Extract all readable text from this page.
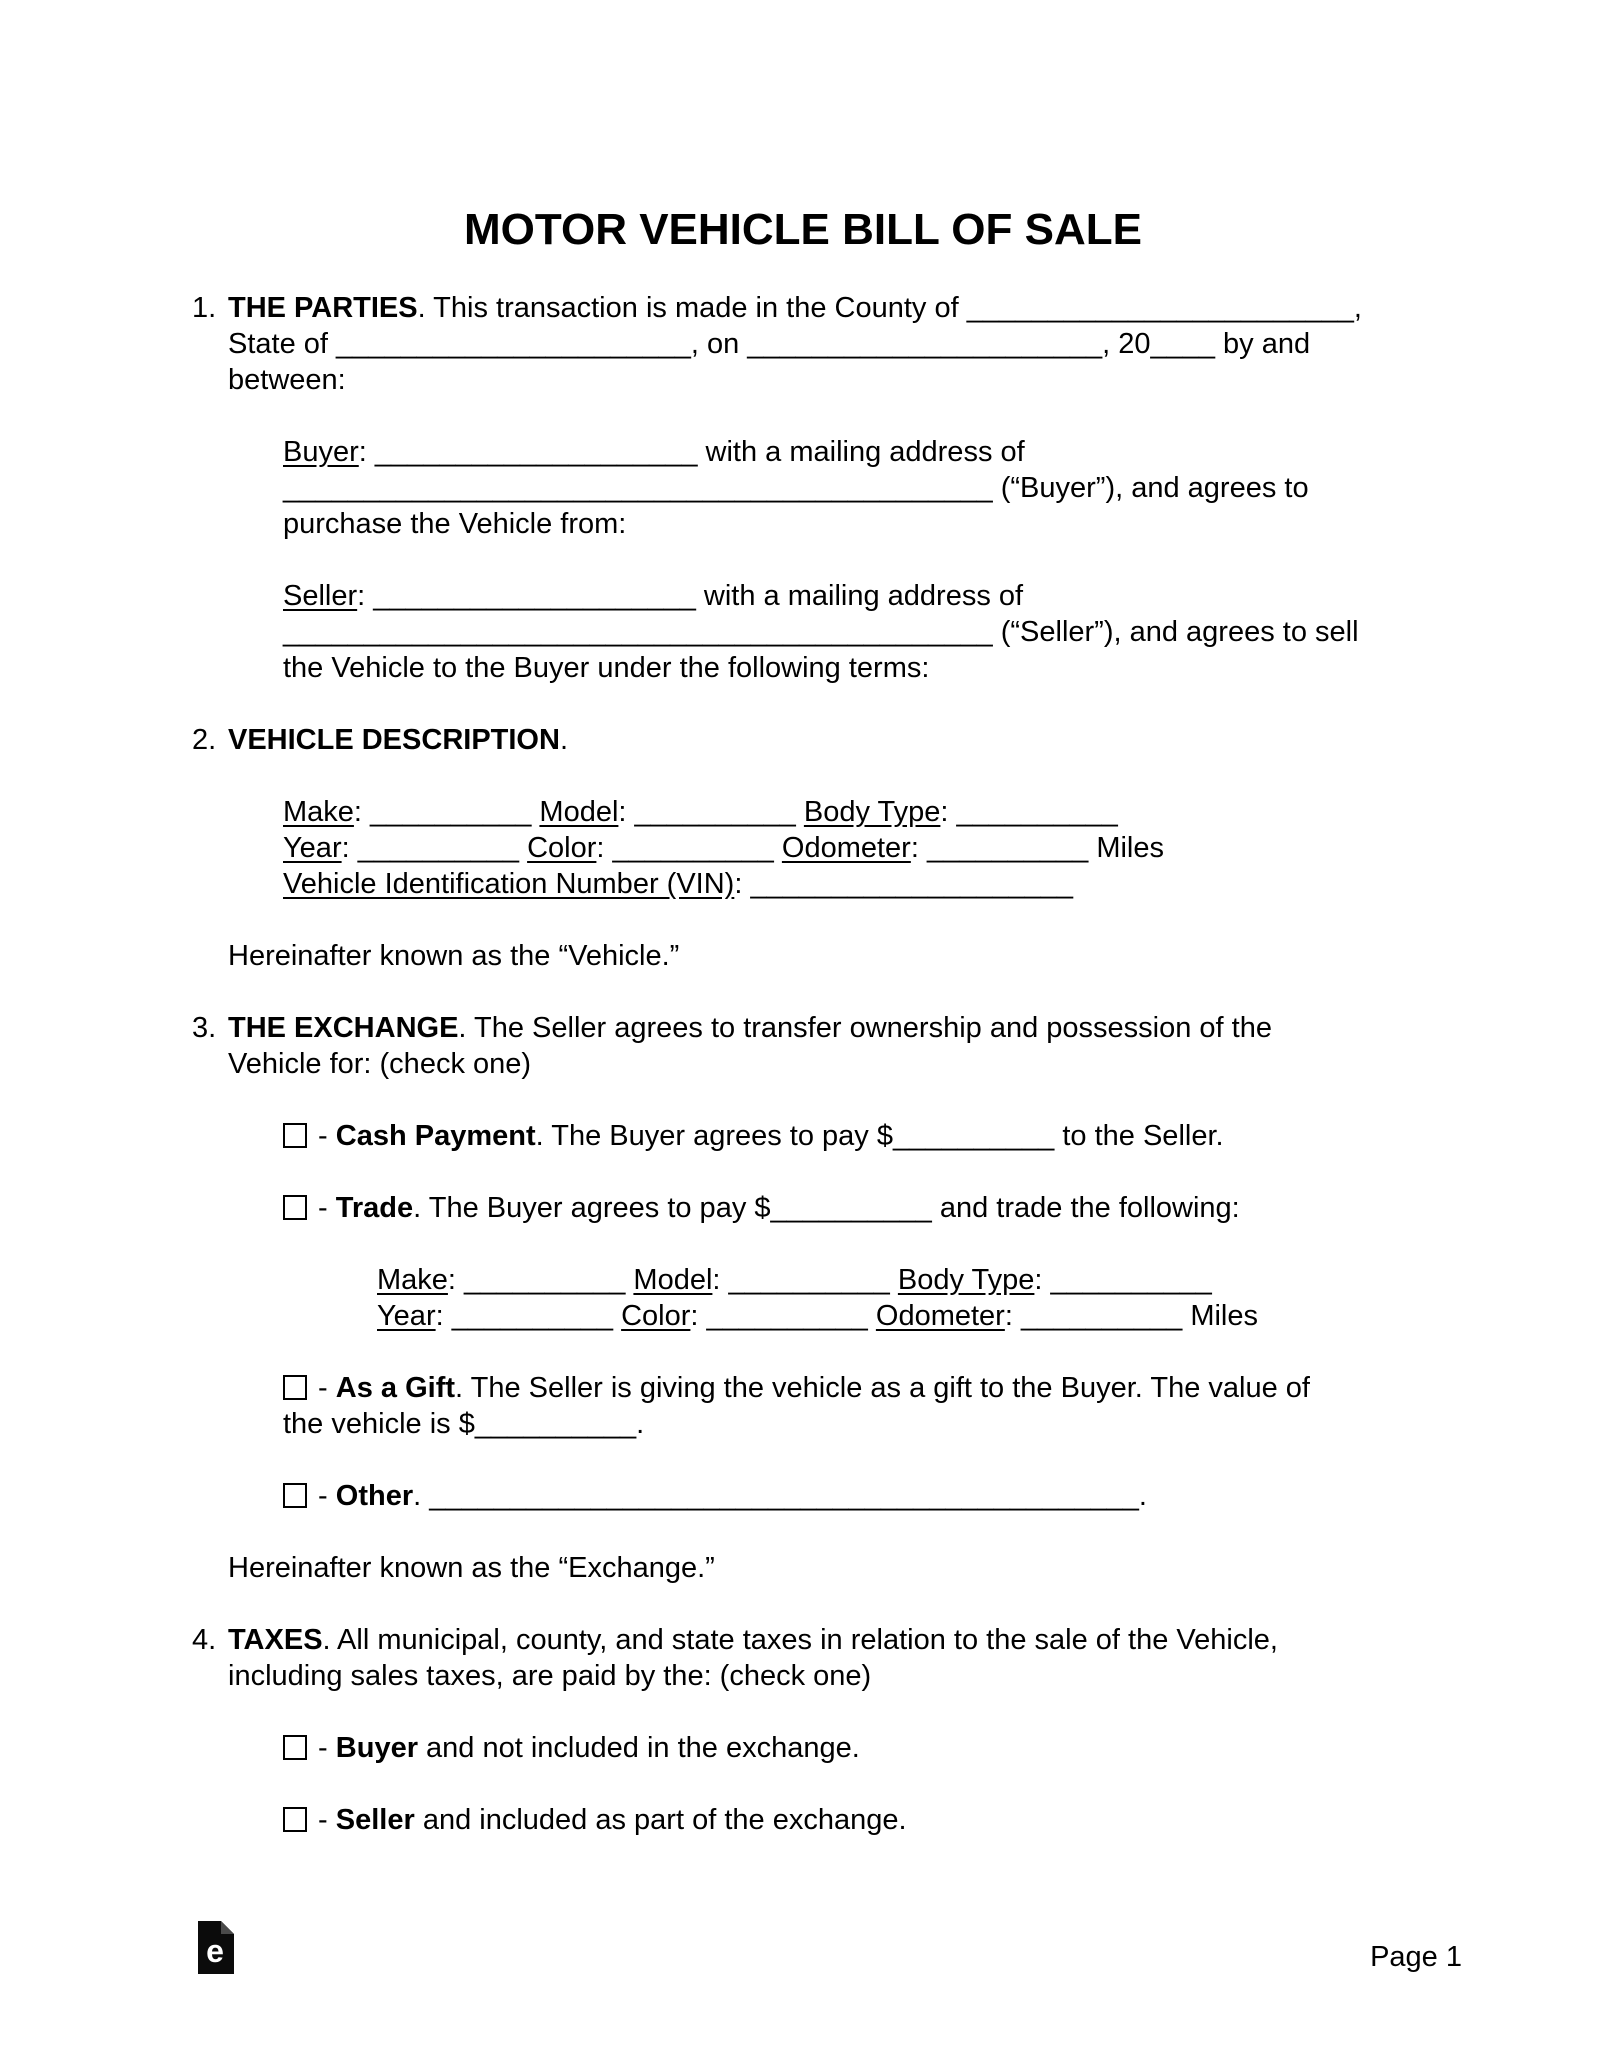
MOTOR VEHICLE BILL OF SALE
1. THE PARTIES. This transaction is made in the County of ________________________,
State of ______________________, on ______________________, 20____ by and
between:
Buyer: ____________________ with a mailing address of
____________________________________________ (“Buyer”), and agrees to
purchase the Vehicle from:
Seller: ____________________ with a mailing address of
____________________________________________ (“Seller”), and agrees to sell
the Vehicle to the Buyer under the following terms:
2. VEHICLE DESCRIPTION.
Make: __________ Model: __________ Body Type: __________
Year: __________ Color: __________ Odometer: __________ Miles
Vehicle Identification Number (VIN): ____________________
Hereinafter known as the “Vehicle.”
3. THE EXCHANGE. The Seller agrees to transfer ownership and possession of the
Vehicle for: (check one)
- Cash Payment. The Buyer agrees to pay $__________ to the Seller.
- Trade. The Buyer agrees to pay $__________ and trade the following:
Make: __________ Model: __________ Body Type: __________
Year: __________ Color: __________ Odometer: __________ Miles
- As a Gift. The Seller is giving the vehicle as a gift to the Buyer. The value of
the vehicle is $__________.
- Other. ____________________________________________.
Hereinafter known as the “Exchange.”
4. TAXES. All municipal, county, and state taxes in relation to the sale of the Vehicle,
including sales taxes, are paid by the: (check one)
- Buyer and not included in the exchange.
- Seller and included as part of the exchange.
e	Page 1
